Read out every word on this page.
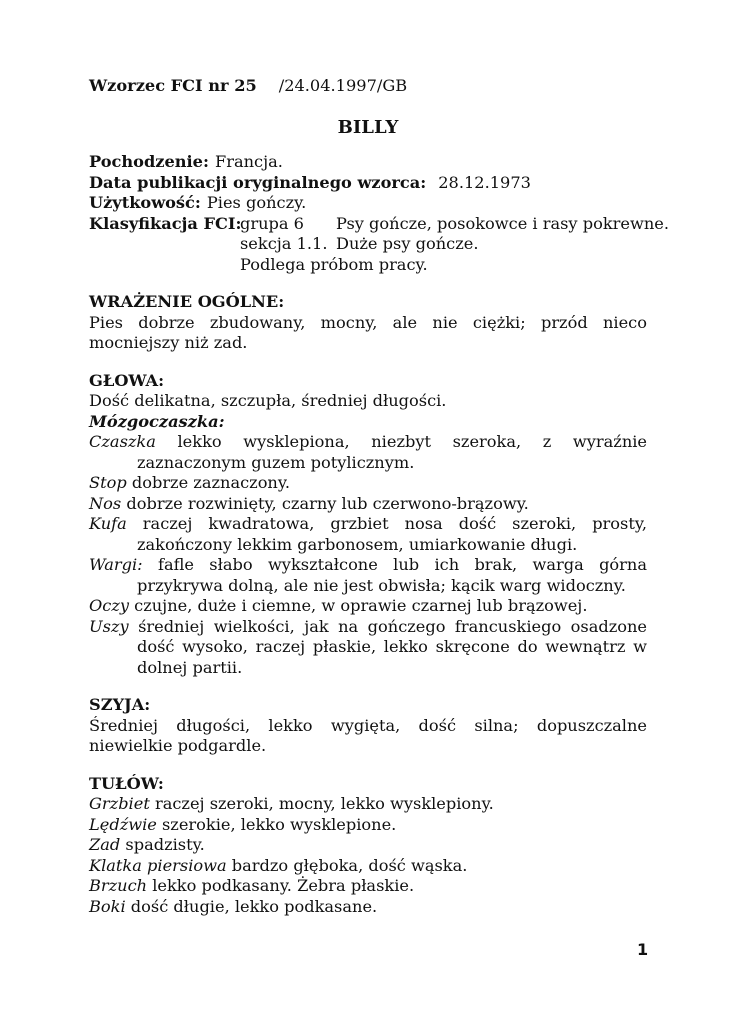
Wzorzec FCI nr 25 /24.04.1997/GB
BILLY
Pochodzenie: Francja.
Data publikacji oryginalnego wzorca: 28.12.1973
Użytkowość: Pies gończy.
Klasyfikacja FCI:
grupa 6	Psy gończe, posokowce i rasy pokrewne.
sekcja 1.1. Duże psy gończe.
Podlega próbom pracy.
WRAŻENIE OGÓLNE:
Pies dobrze zbudowany, mocny, ale nie ciężki; przód nieco mocniejszy niż zad.
GŁOWA:
Dość delikatna, szczupła, średniej długości.
Mózgoczaszka:
Czaszka lekko wysklepiona, niezbyt szeroka, z wyraźnie zaznaczonym guzem potylicznym.
Stop dobrze zaznaczony.
Nos dobrze rozwinięty, czarny lub czerwono-brązowy.
Kufa raczej kwadratowa, grzbiet nosa dość szeroki, prosty, zakończony lekkim garbonosem, umiarkowanie długi.
Wargi: fafle słabo wykształcone lub ich brak, warga górna przykrywa dolną, ale nie jest obwisła; kącik warg widoczny.
Oczy czujne, duże i ciemne, w oprawie czarnej lub brązowej.
Uszy średniej wielkości, jak na gończego francuskiego osadzone dość wysoko, raczej płaskie, lekko skręcone do wewnątrz w dolnej partii.
SZYJA:
Średniej długości, lekko wygięta, dość silna; dopuszczalne niewielkie podgardle.
TUŁÓW:
Grzbiet raczej szeroki, mocny, lekko wysklepiony.
Lędźwie szerokie, lekko wysklepione.
Zad spadzisty.
Klatka piersiowa bardzo głęboka, dość wąska.
Brzuch lekko podkasany. Żebra płaskie.
Boki dość długie, lekko podkasane.
1
